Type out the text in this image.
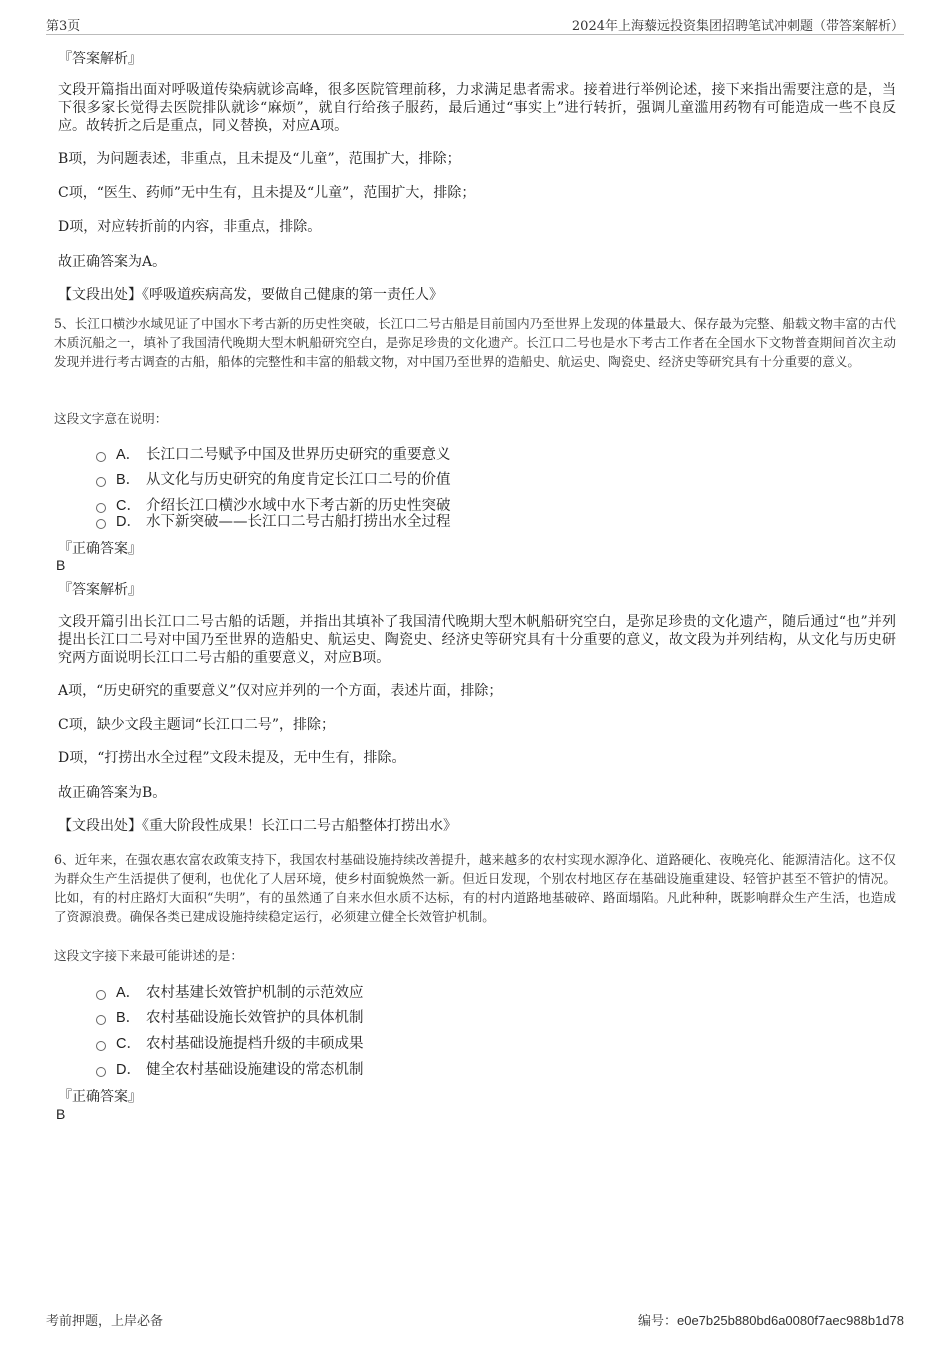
第3页	2024年上海藜远投资集团招聘笔试冲刺题（带答案解析）
『答案解析』
文段开篇指出面对呼吸道传染病就诊高峰，很多医院管理前移，力求满足患者需求。接着进行举例论述，接下来指出需要注意的是，当下很多家长觉得去医院排队就诊“麻烦”，就自行给孩子服药，最后通过“事实上”进行转折，强调儿童滥用药物有可能造成一些不良反应。故转折之后是重点，同义替换，对应A项。
B项，为问题表述，非重点，且未提及“儿童”，范围扩大，排除；
C项，“医生、药师”无中生有，且未提及“儿童”，范围扩大，排除；
D项，对应转折前的内容，非重点，排除。
故正确答案为A。
【文段出处】《呼吸道疾病高发，要做自己健康的第一责任人》
5、长江口横沙水域见证了中国水下考古新的历史性突破，长江口二号古船是目前国内乃至世界上发现的体量最大、保存最为完整、船载文物丰富的古代木质沉船之一，填补了我国清代晚期大型木帆船研究空白，是弥足珍贵的文化遗产。长江口二号也是水下考古工作者在全国水下文物普查期间首次主动发现并进行考古调查的古船，船体的完整性和丰富的船载文物，对中国乃至世界的造船史、航运史、陶瓷史、经济史等研究具有十分重要的意义。
这段文字意在说明：
A． 长江口二号赋予中国及世界历史研究的重要意义
B． 从文化与历史研究的角度肯定长江口二号的价值
C． 介绍长江口横沙水域中水下考古新的历史性突破
D． 水下新突破——长江口二号古船打捞出水全过程
『正确答案』
B
『答案解析』
文段开篇引出长江口二号古船的话题，并指出其填补了我国清代晚期大型木帆船研究空白，是弥足珍贵的文化遗产，随后通过“也”并列提出长江口二号对中国乃至世界的造船史、航运史、陶瓷史、经济史等研究具有十分重要的意义，故文段为并列结构，从文化与历史研究两方面说明长江口二号古船的重要意义，对应B项。
A项，“历史研究的重要意义”仅对应并列的一个方面，表述片面，排除；
C项，缺少文段主题词“长江口二号”，排除；
D项，“打捞出水全过程”文段未提及，无中生有，排除。
故正确答案为B。
【文段出处】《重大阶段性成果！长江口二号古船整体打捞出水》
6、近年来，在强农惠农富农政策支持下，我国农村基础设施持续改善提升，越来越多的农村实现水源净化、道路硬化、夜晚亮化、能源清洁化。这不仅为群众生产生活提供了便利，也优化了人居环境，使乡村面貌焕然一新。但近日发现，个别农村地区存在基础设施重建设、轻管护甚至不管护的情况。比如，有的村庄路灯大面积“失明”，有的虽然通了自来水但水质不达标，有的村内道路地基破碎、路面塌陷。凡此种种，既影响群众生产生活，也造成了资源浪费。确保各类已建成设施持续稳定运行，必须建立健全长效管护机制。
这段文字接下来最可能讲述的是：
A． 农村基建长效管护机制的示范效应
B． 农村基础设施长效管护的具体机制
C． 农村基础设施提档升级的丰硕成果
D． 健全农村基础设施建设的常态机制
『正确答案』
B
考前押题，上岸必备	编号：e0e7b25b880bd6a0080f7aec988b1d78
